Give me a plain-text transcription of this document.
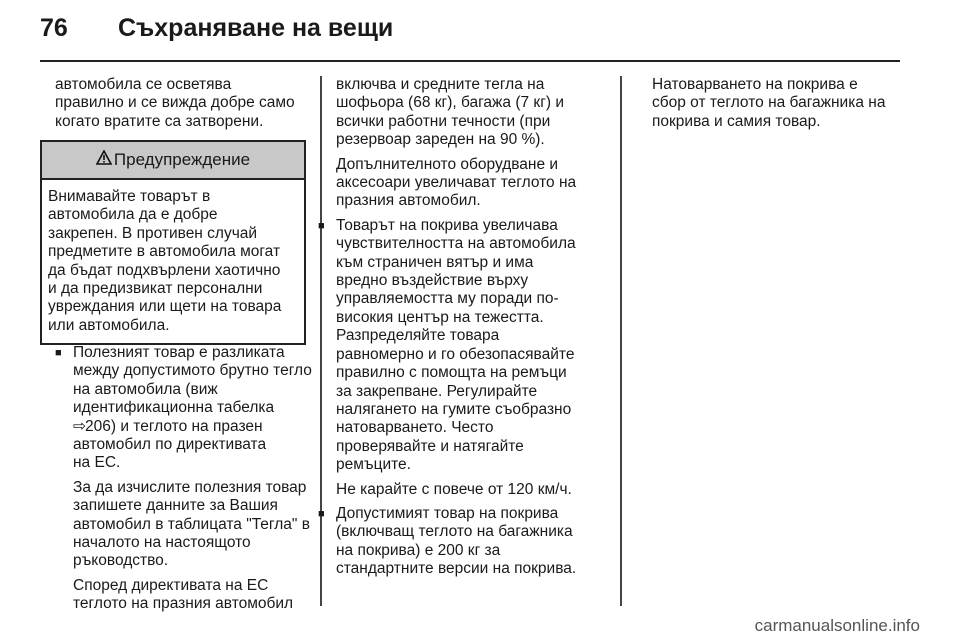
76 Съхраняване на вещи
автомобила се осветява
правилно и се вижда добре само
когато вратите са затворени.
Предупреждение
Внимавайте товарът в
автомобила да е добре
закрепен. В противен случай
предметите в автомобила могат
да бъдат подхвърлени хаотично
и да предизвикат персонални
увреждания или щети на товара
или автомобила.
■ Полезният товар е разликата
между допустимото брутно тегло
на автомобила (виж
идентификационна табелка
⇨206) и теглото на празен
автомобил по директивата
на ЕС.
За да изчислите полезния товар
запишете данните за Вашия
автомобил в таблицата "Тегла" в
началото на настоящото
ръководство.
Според директивата на ЕС
теглото на празния автомобил
включва и средните тегла на
шофьора (68 кг), багажа (7 кг) и
всички работни течности (при
резервоар зареден на 90 %).
Допълнителното оборудване и
аксесоари увеличават теглото на
празния автомобил.
■ Товарът на покрива увеличава
чувствителността на автомобила
към страничен вятър и има
вредно въздействие върху
управляемостта му поради по-
високия център на тежестта.
Разпределяйте товара
равномерно и го обезопасявайте
правилно с помощта на ремъци
за закрепване. Регулирайте
налягането на гумите съобразно
натоварването. Често
проверявайте и натягайте
ремъците.
Не карайте с повече от 120 км/ч.
■ Допустимият товар на покрива
(включващ теглото на багажника
на покрива) е 200 кг за
стандартните версии на покрива.
Натоварването на покрива е
сбор от теглото на багажника на
покрива и самия товар.
carmanualsonline.info
